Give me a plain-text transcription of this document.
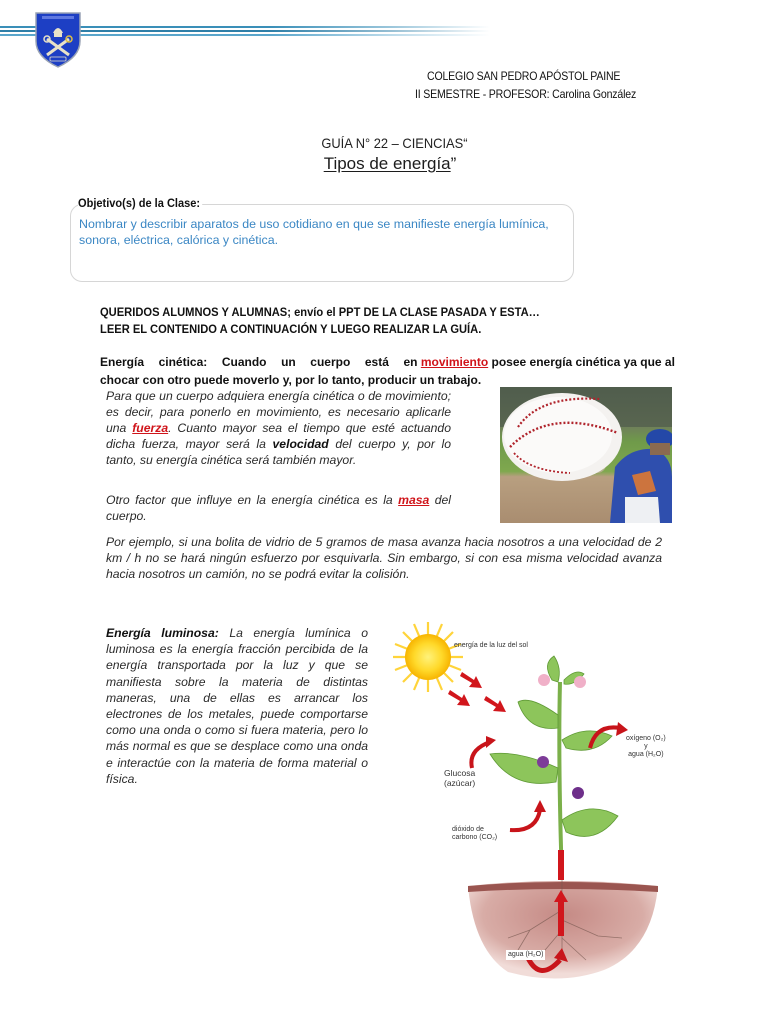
COLEGIO SAN PEDRO APÓSTOL PAINE
II SEMESTRE - PROFESOR: Carolina González
GUÍA N° 22 – CIENCIAS“
Tipos de energía”
Objetivo(s) de la Clase:
Nombrar y describir aparatos de uso cotidiano en que se manifieste energía lumínica, sonora, eléctrica, calórica y cinética.
QUERIDOS ALUMNOS Y ALUMNAS; envío el PPT DE LA CLASE PASADA Y ESTA…
LEER EL CONTENIDO A CONTINUACIÓN Y LUEGO REALIZAR LA GUÍA.
Energía cinética: Cuando un cuerpo está en movimiento posee energía cinética ya que al
chocar con otro puede moverlo y, por lo tanto, producir un trabajo.
Para que un cuerpo adquiera energía cinética o de movimiento; es decir, para ponerlo en movimiento, es necesario aplicarle una fuerza. Cuanto mayor sea el tiempo que esté actuando dicha fuerza, mayor será la velocidad del cuerpo y, por lo tanto, su energía cinética será también mayor.
Otro factor que influye en la energía cinética es la masa del cuerpo.
Por ejemplo, si una bolita de vidrio de 5 gramos de masa avanza hacia nosotros a una velocidad de 2 km / h no se hará ningún esfuerzo por esquivarla. Sin embargo, si con esa misma velocidad avanza hacia nosotros un camión, no se podrá evitar la colisión.
Energía luminosa: La energía lumínica o luminosa es la energía fracción percibida de la energía transportada por la luz y que se manifiesta sobre la materia de distintas maneras, una de ellas es arrancar los electrones de los metales, puede comportarse como una onda o como si fuera materia, pero lo más normal es que se desplace como una onda e interactúe con la materia de forma material o física.
energía de la luz del sol
oxígeno (O₂)
y
agua (H₂O)
Glucosa
(azúcar)
dióxido de
carbono (CO₂)
agua (H₂O)
